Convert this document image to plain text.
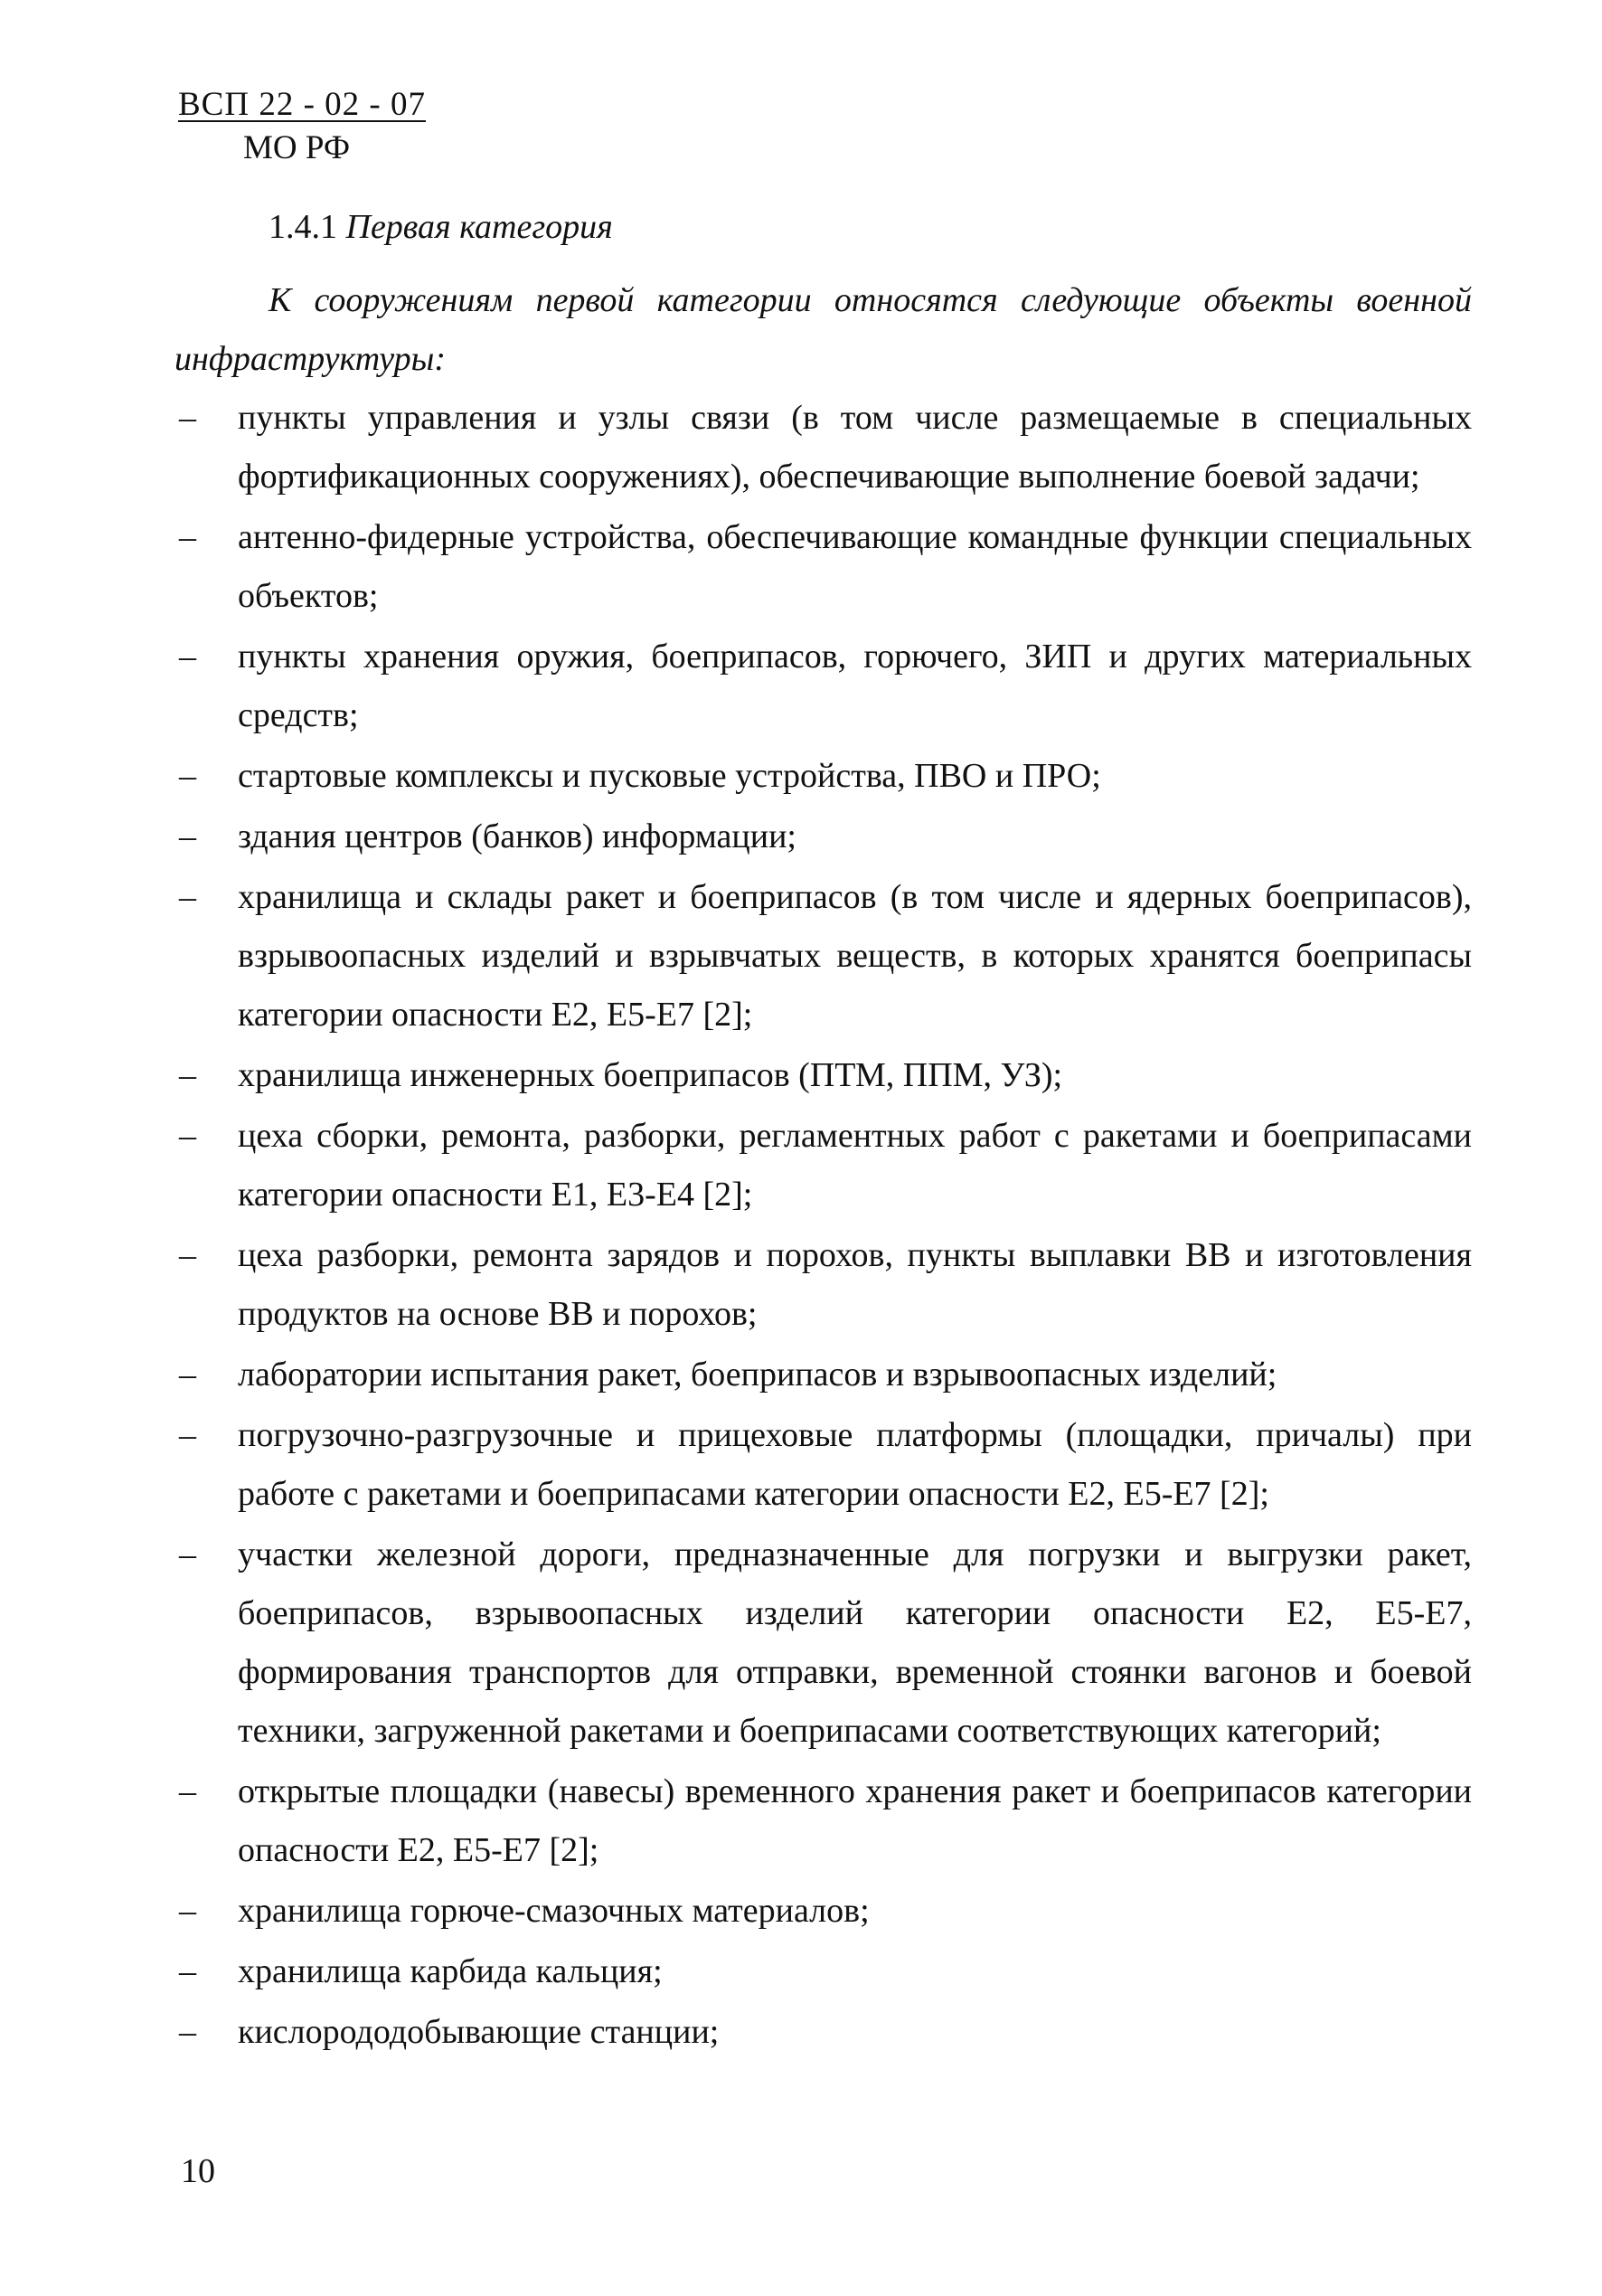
ВСП 22 - 02 - 07
МО РФ
1.4.1 Первая категория

К сооружениям первой категории относятся следующие объекты военной инфраструктуры:

– пункты управления и узлы связи (в том числе размещаемые в специальных фортификационных сооружениях), обеспечивающие выполнение боевой задачи;
– антенно-фидерные устройства, обеспечивающие командные функции специальных объектов;
– пункты хранения оружия, боеприпасов, горючего, ЗИП и других материальных средств;
– стартовые комплексы и пусковые устройства, ПВО и ПРО;
– здания центров (банков) информации;
– хранилища и склады ракет и боеприпасов (в том числе и ядерных боеприпасов), взрывоопасных изделий и взрывчатых веществ, в которых хранятся боеприпасы категории опасности Е2, Е5-Е7 [2];
– хранилища инженерных боеприпасов (ПТМ, ППМ, УЗ);
– цеха сборки, ремонта, разборки, регламентных работ с ракетами и боеприпасами категории опасности Е1, Е3-Е4 [2];
– цеха разборки, ремонта зарядов и порохов, пункты выплавки ВВ и изготовления продуктов на основе ВВ и порохов;
– лаборатории испытания ракет, боеприпасов и взрывоопасных изделий;
– погрузочно-разгрузочные и прицеховые платформы (площадки, причалы) при работе с ракетами и боеприпасами категории опасности Е2, Е5-Е7 [2];
– участки железной дороги, предназначенные для погрузки и выгрузки ракет, боеприпасов, взрывоопасных изделий категории опасности Е2, Е5-Е7, формирования транспортов для отправки, временной стоянки вагонов и боевой техники, загруженной ракетами и боеприпасами соответствующих категорий;
– открытые площадки (навесы) временного хранения ракет и боеприпасов категории опасности Е2, Е5-Е7 [2];
– хранилища горюче-смазочных материалов;
– хранилища карбида кальция;
– кислорододобывающие станции;
10
